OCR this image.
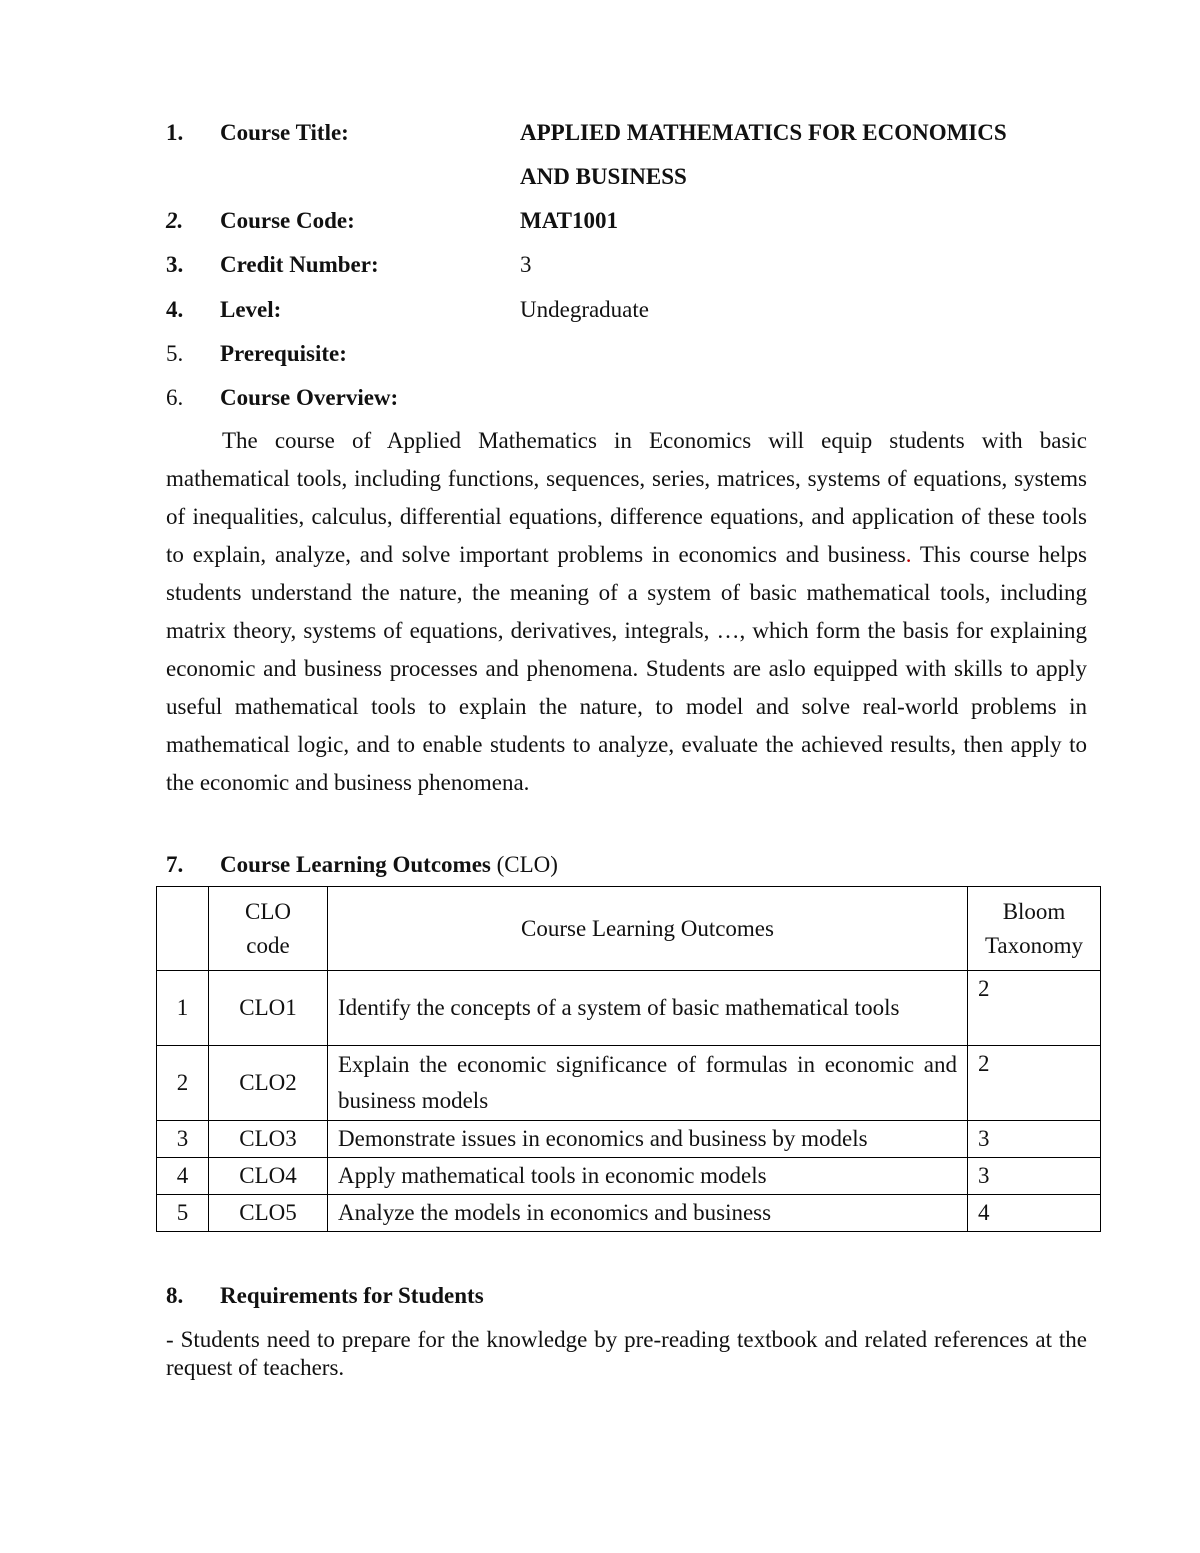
1. Course Title:	APPLIED MATHEMATICS FOR ECONOMICS
AND BUSINESS
2. Course Code:	MAT1001
3. Credit Number:	3
4. Level:	Undegraduate
5. Prerequisite:
6. Course Overview:

The course of Applied Mathematics in Economics will equip students with basic mathematical tools, including functions, sequences, series, matrices, systems of equations, systems of inequalities, calculus, differential equations, difference equations, and application of these tools to explain, analyze, and solve important problems in economics and business. This course helps students understand the nature, the meaning of a system of basic mathematical tools, including matrix theory, systems of equations, derivatives, integrals, …, which form the basis for explaining economic and business processes and phenomena. Students are aslo equipped with skills to apply useful mathematical tools to explain the nature, to model and solve real-world problems in mathematical logic, and to enable students to analyze, evaluate the achieved results, then apply to the economic and business phenomena.

7. Course Learning Outcomes (CLO)
	CLO code	Course Learning Outcomes	Bloom Taxonomy
1	CLO1	Identify the concepts of a system of basic mathematical tools	2
2	CLO2	Explain the economic significance of formulas in economic and business models	2
3	CLO3	Demonstrate issues in economics and business by models	3
4	CLO4	Apply mathematical tools in economic models	3
5	CLO5	Analyze the models in economics and business	4
8. Requirements for Students

- Students need to prepare for the knowledge by pre-reading textbook and related references at the request of teachers.
